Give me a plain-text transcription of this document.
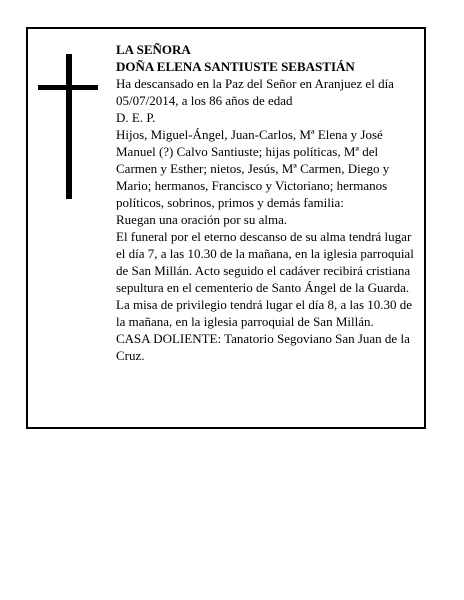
LA SEÑORA

DOÑA ELENA SANTIUSTE SEBASTIÁN

Ha descansado en la Paz del Señor en Aranjuez el día 05/07/2014, a los 86 años de edad

D. E. P.

Hijos, Miguel-Ángel, Juan-Carlos, Mª Elena y José Manuel (?) Calvo Santiuste; hijas políticas, Mª del Carmen y Esther; nietos, Jesús, Mª Carmen, Diego y Mario; hermanos, Francisco y Victoriano; hermanos políticos, sobrinos, primos y demás familia:

Ruegan una oración por su alma.

El funeral por el eterno descanso de su alma tendrá lugar el día 7, a las 10.30 de la mañana, en la iglesia parroquial de San Millán. Acto seguido el cadáver recibirá cristiana sepultura en el cementerio de Santo Ángel de la Guarda. La misa de privilegio tendrá lugar el día 8, a las 10.30 de la mañana, en la iglesia parroquial de San Millán.

CASA DOLIENTE: Tanatorio Segoviano San Juan de la Cruz.
